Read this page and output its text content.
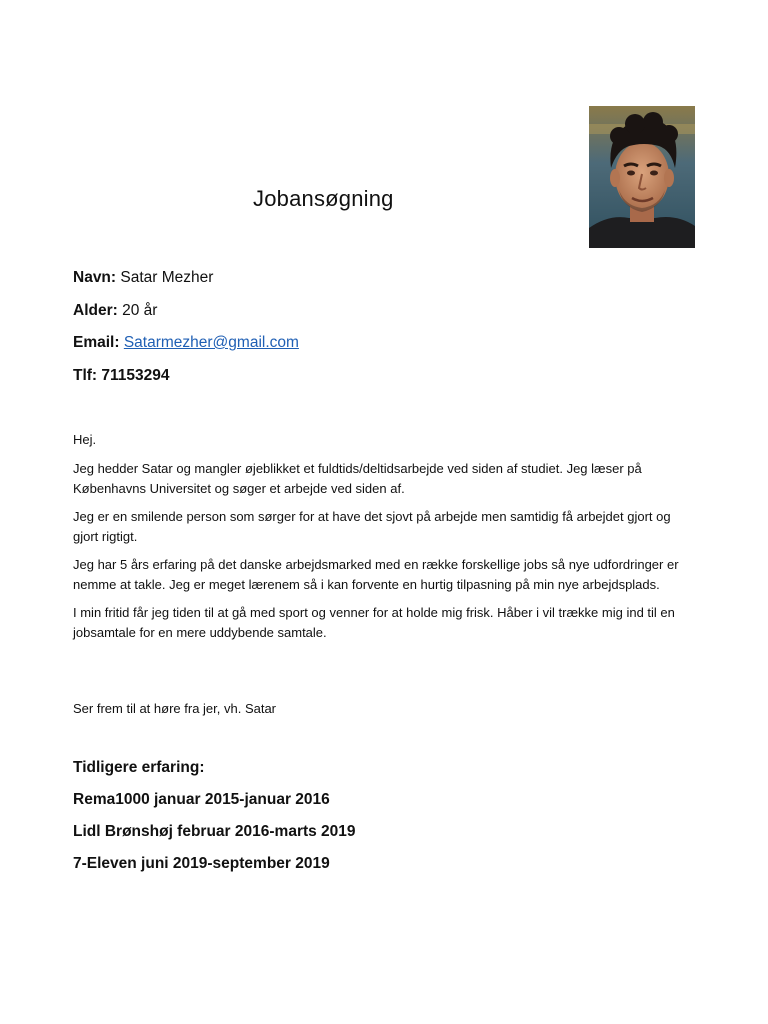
Jobansøgning
Navn: Satar Mezher
Alder: 20 år
Email: Satarmezher@gmail.com
Tlf: 71153294

Hej.

Jeg hedder Satar og mangler øjeblikket et fuldtids/deltidsarbejde ved siden af studiet. Jeg læser på Københavns Universitet og søger et arbejde ved siden af.

Jeg er en smilende person som sørger for at have det sjovt på arbejde men samtidig få arbejdet gjort og gjort rigtigt.

Jeg har 5 års erfaring på det danske arbejdsmarked med en række forskellige jobs så nye udfordringer er nemme at takle. Jeg er meget lærenem så i kan forvente en hurtig tilpasning på min nye arbejdsplads.

I min fritid får jeg tiden til at gå med sport og venner for at holde mig frisk. Håber i vil trække mig ind til en jobsamtale for en mere uddybende samtale.

Ser frem til at høre fra jer, vh. Satar

Tidligere erfaring:

Rema1000 januar 2015-januar 2016
Lidl Brønshøj februar 2016-marts 2019
7-Eleven juni 2019-september 2019
